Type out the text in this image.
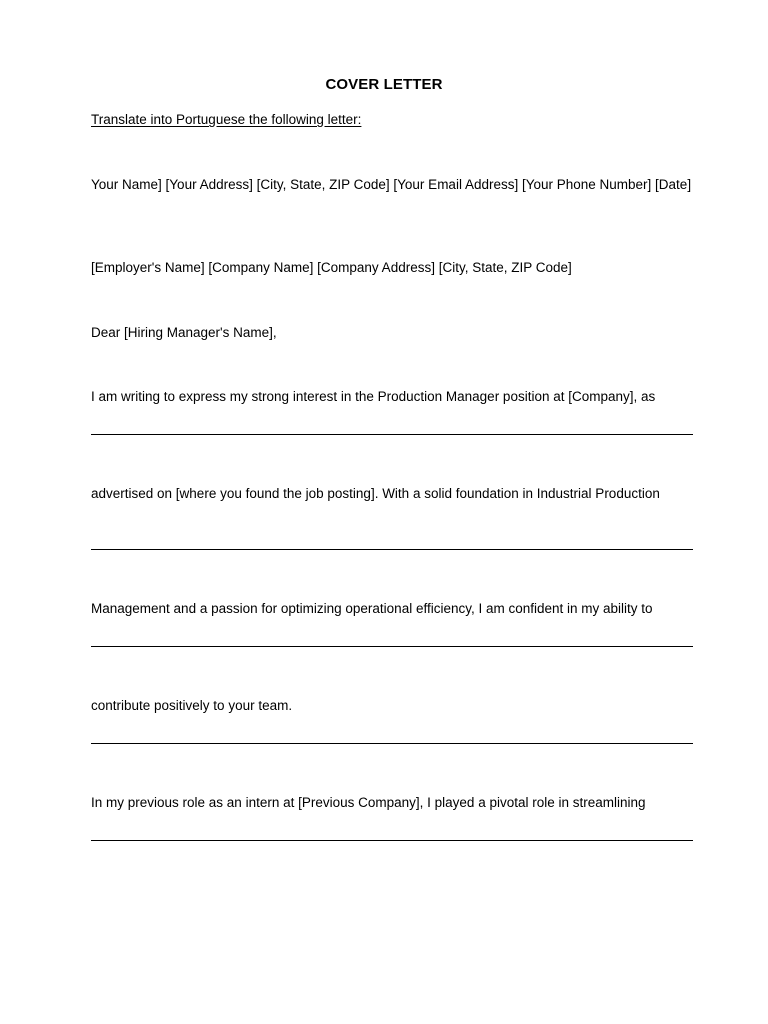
COVER LETTER
Translate into Portuguese the following letter:
Your Name] [Your Address] [City, State, ZIP Code] [Your Email Address] [Your Phone Number] [Date]
[Employer's Name] [Company Name] [Company Address] [City, State, ZIP Code]
Dear [Hiring Manager's Name],
I am writing to express my strong interest in the Production Manager position at [Company], as
advertised on [where you found the job posting]. With a solid foundation in Industrial Production
Management and a passion for optimizing operational efficiency, I am confident in my ability to
contribute positively to your team.
In my previous role as an intern at [Previous Company], I played a pivotal role in streamlining
